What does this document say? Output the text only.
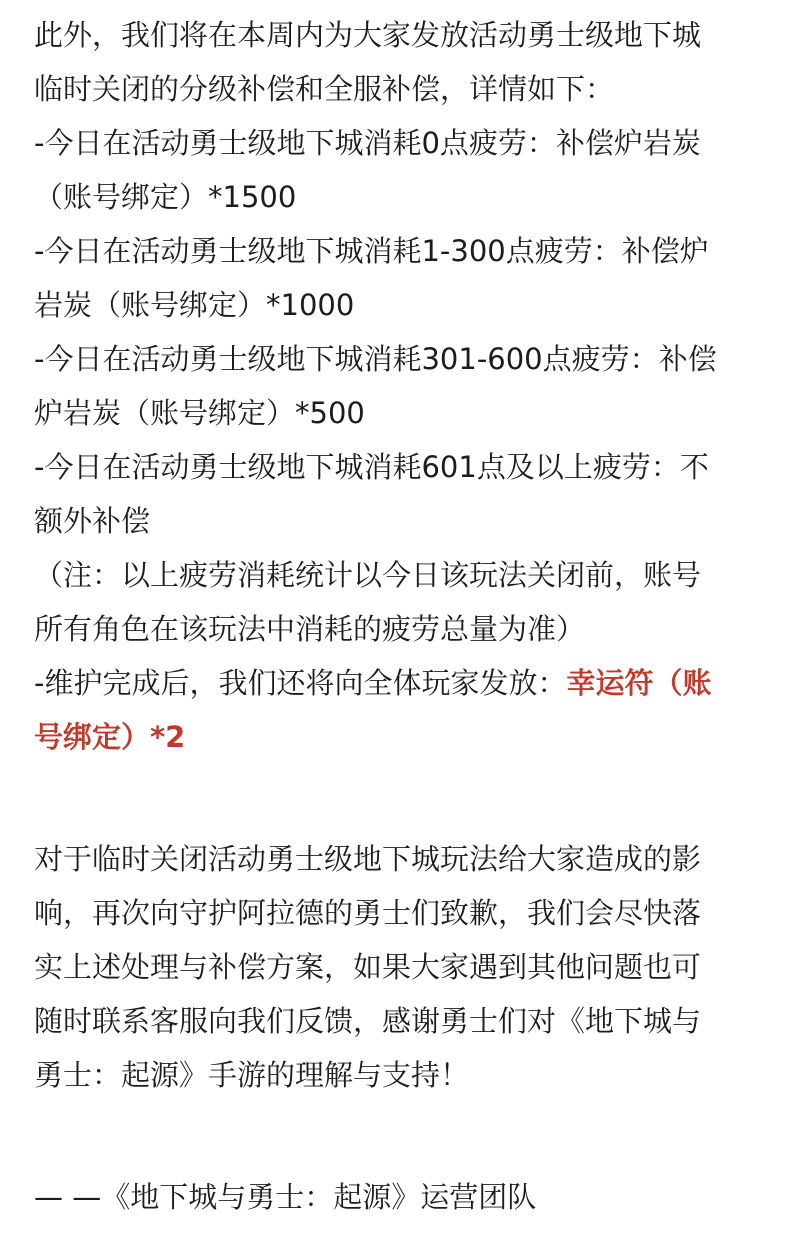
此外，我们将在本周内为大家发放活动勇士级地下城
临时关闭的分级补偿和全服补偿，详情如下：
-今日在活动勇士级地下城消耗0点疲劳：补偿炉岩炭
（账号绑定）*1500
-今日在活动勇士级地下城消耗1-300点疲劳：补偿炉
岩炭（账号绑定）*1000
-今日在活动勇士级地下城消耗301-600点疲劳：补偿
炉岩炭（账号绑定）*500
-今日在活动勇士级地下城消耗601点及以上疲劳：不
额外补偿
（注：以上疲劳消耗统计以今日该玩法关闭前，账号
所有角色在该玩法中消耗的疲劳总量为准）
-维护完成后，我们还将向全体玩家发放：幸运符（账
号绑定）*2
对于临时关闭活动勇士级地下城玩法给大家造成的影
响，再次向守护阿拉德的勇士们致歉，我们会尽快落
实上述处理与补偿方案，如果大家遇到其他问题也可
随时联系客服向我们反馈，感谢勇士们对《地下城与
勇士：起源》手游的理解与支持！
— —《地下城与勇士：起源》运营团队
